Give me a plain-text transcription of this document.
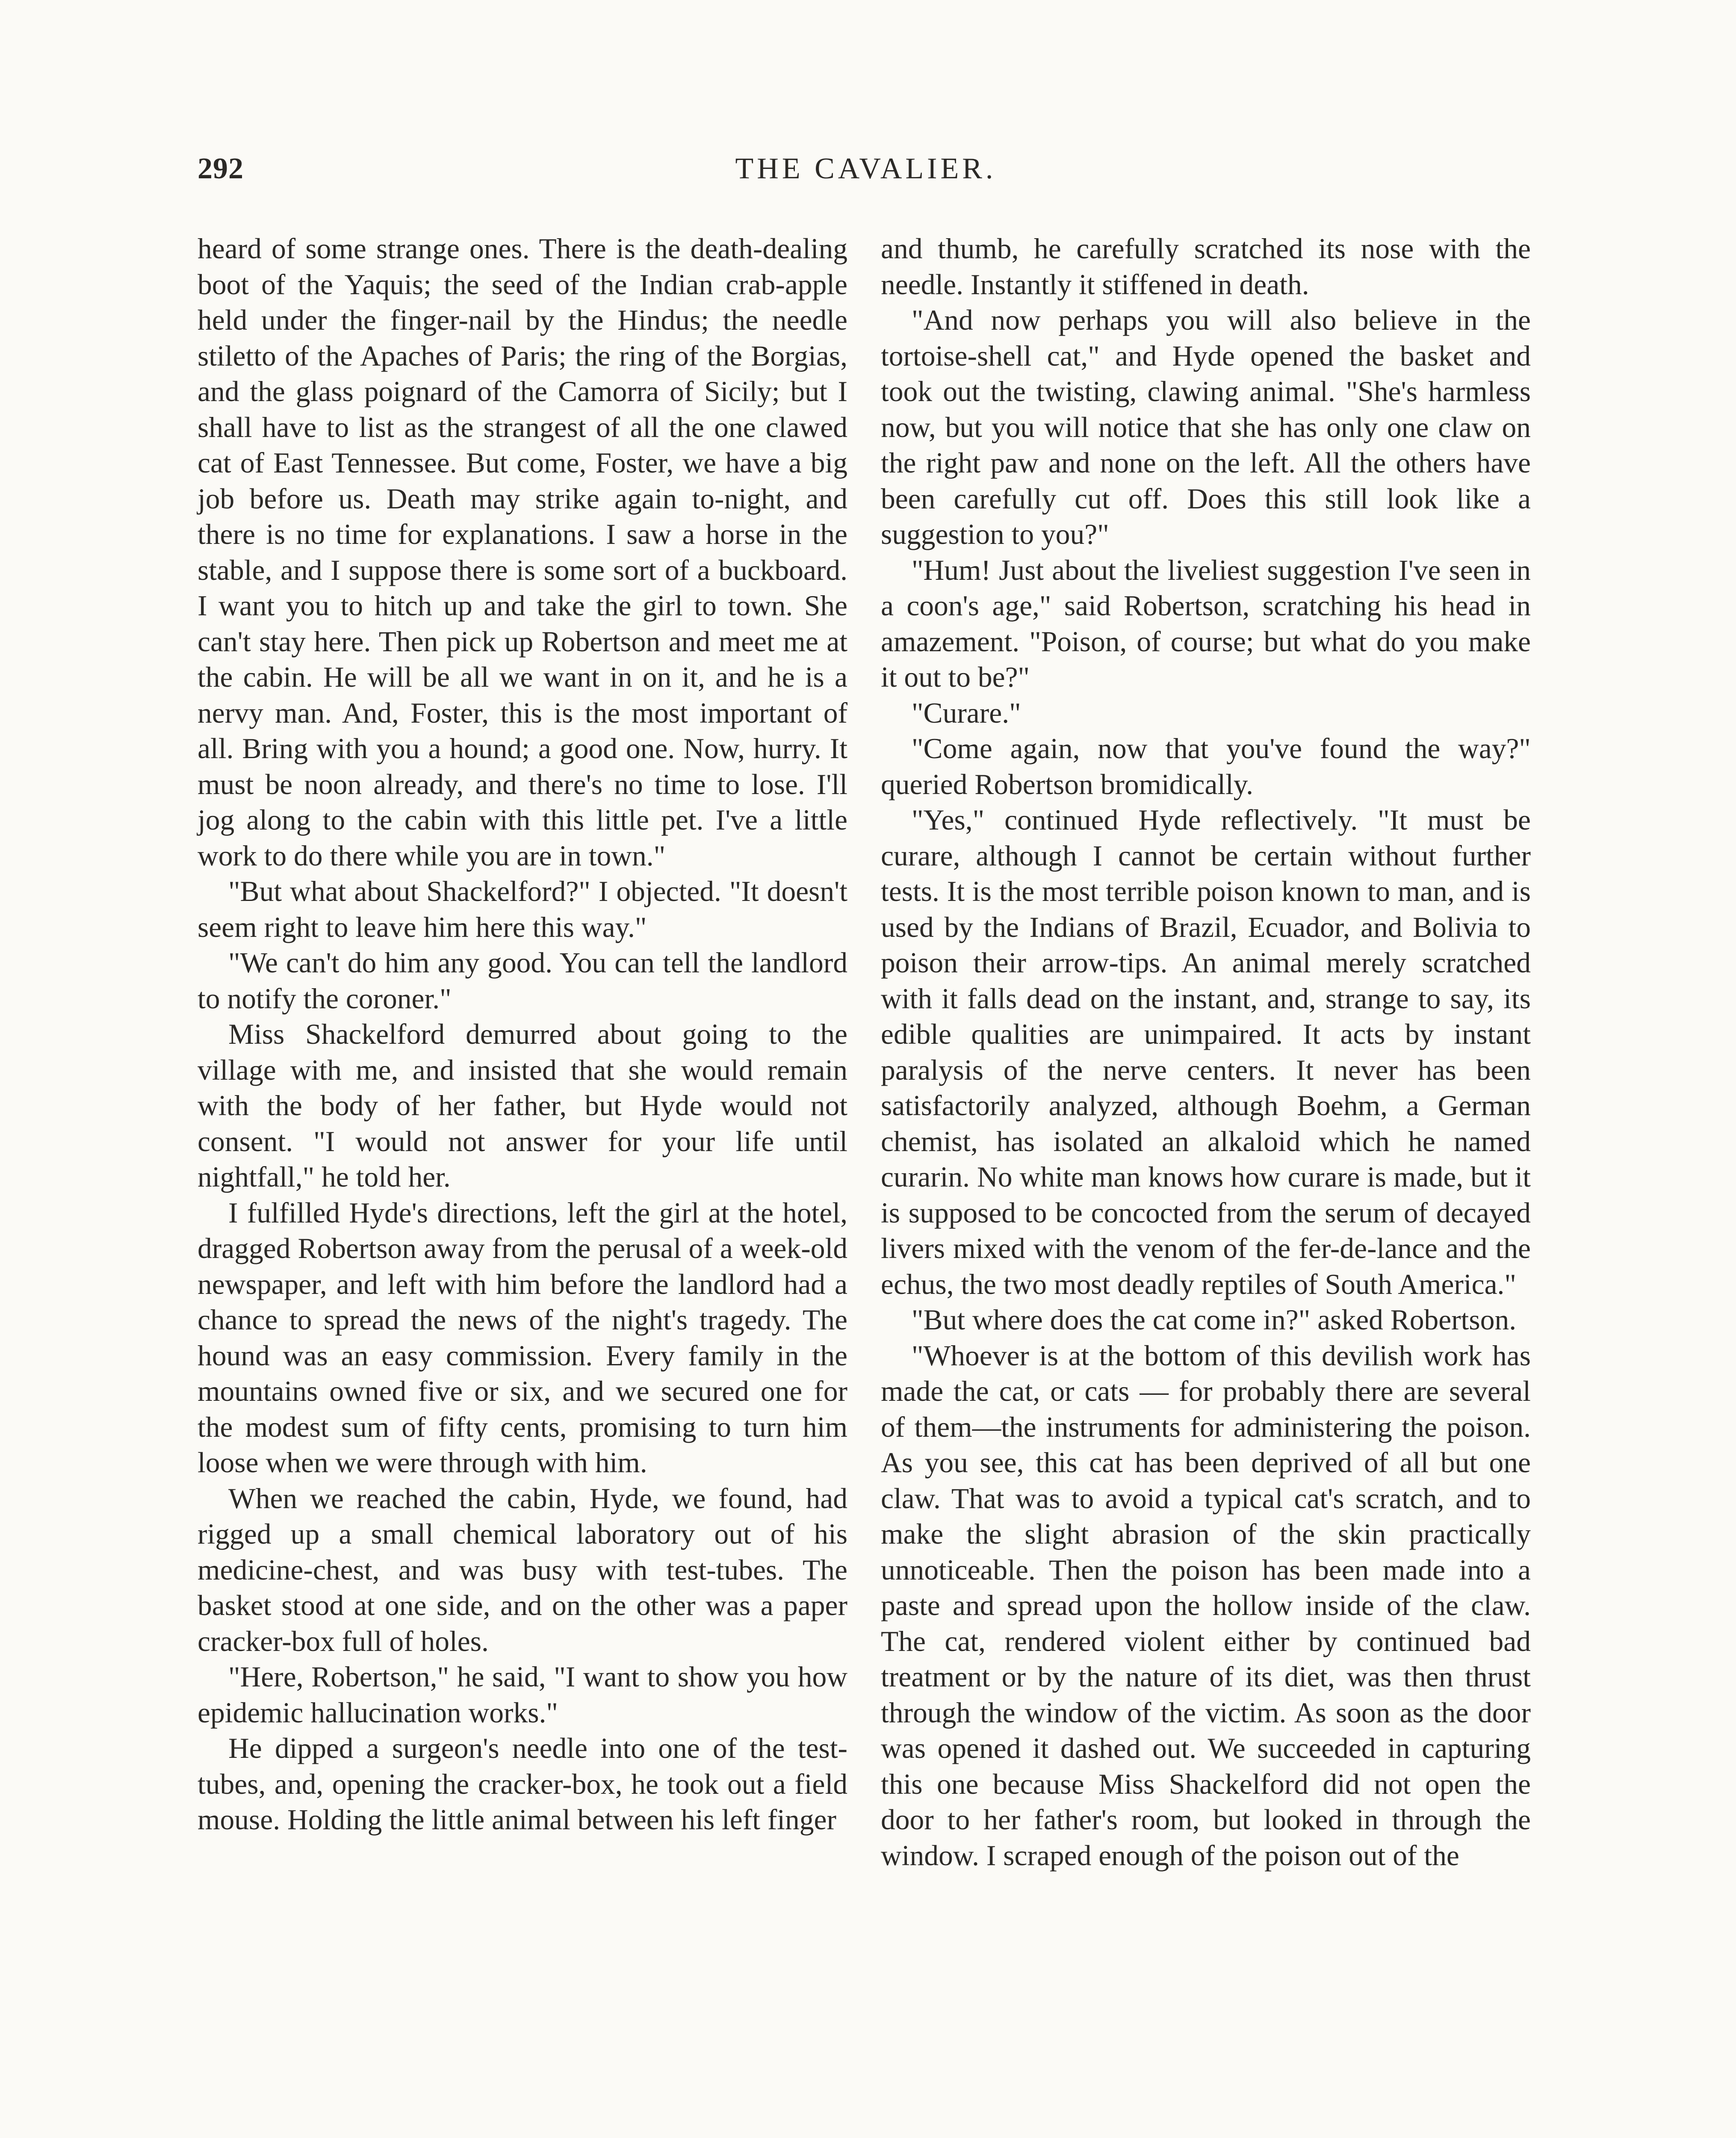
292	THE CAVALIER.

heard of some strange ones. There is the death-dealing boot of the Yaquis; the seed of the Indian crab-apple held under the finger-nail by the Hindus; the needle stiletto of the Apaches of Paris; the ring of the Borgias, and the glass poignard of the Camorra of Sicily; but I shall have to list as the strangest of all the one clawed cat of East Tennessee. But come, Foster, we have a big job before us. Death may strike again to-night, and there is no time for explanations. I saw a horse in the stable, and I suppose there is some sort of a buckboard. I want you to hitch up and take the girl to town. She can't stay here. Then pick up Robertson and meet me at the cabin. He will be all we want in on it, and he is a nervy man. And, Foster, this is the most important of all. Bring with you a hound; a good one. Now, hurry. It must be noon already, and there's no time to lose. I'll jog along to the cabin with this little pet. I've a little work to do there while you are in town."

"But what about Shackelford?" I objected. "It doesn't seem right to leave him here this way."

"We can't do him any good. You can tell the landlord to notify the coroner."

Miss Shackelford demurred about going to the village with me, and insisted that she would remain with the body of her father, but Hyde would not consent. "I would not answer for your life until nightfall," he told her.

I fulfilled Hyde's directions, left the girl at the hotel, dragged Robertson away from the perusal of a week-old newspaper, and left with him before the landlord had a chance to spread the news of the night's tragedy. The hound was an easy commission. Every family in the mountains owned five or six, and we secured one for the modest sum of fifty cents, promising to turn him loose when we were through with him.

When we reached the cabin, Hyde, we found, had rigged up a small chemical laboratory out of his medicine-chest, and was busy with test-tubes. The basket stood at one side, and on the other was a paper cracker-box full of holes.

"Here, Robertson," he said, "I want to show you how epidemic hallucination works."

He dipped a surgeon's needle into one of the test-tubes, and, opening the cracker-box, he took out a field mouse. Holding the little animal between his left finger

and thumb, he carefully scratched its nose with the needle. Instantly it stiffened in death.

"And now perhaps you will also believe in the tortoise-shell cat," and Hyde opened the basket and took out the twisting, clawing animal. "She's harmless now, but you will notice that she has only one claw on the right paw and none on the left. All the others have been carefully cut off. Does this still look like a suggestion to you?"

"Hum! Just about the liveliest suggestion I've seen in a coon's age," said Robertson, scratching his head in amazement. "Poison, of course; but what do you make it out to be?"

"Curare."

"Come again, now that you've found the way?" queried Robertson bromidically.

"Yes," continued Hyde reflectively. "It must be curare, although I cannot be certain without further tests. It is the most terrible poison known to man, and is used by the Indians of Brazil, Ecuador, and Bolivia to poison their arrow-tips. An animal merely scratched with it falls dead on the instant, and, strange to say, its edible qualities are unimpaired. It acts by instant paralysis of the nerve centers. It never has been satisfactorily analyzed, although Boehm, a German chemist, has isolated an alkaloid which he named curarin. No white man knows how curare is made, but it is supposed to be concocted from the serum of decayed livers mixed with the venom of the fer-de-lance and the echus, the two most deadly reptiles of South America."

"But where does the cat come in?" asked Robertson.

"Whoever is at the bottom of this devilish work has made the cat, or cats — for probably there are several of them—the instruments for administering the poison. As you see, this cat has been deprived of all but one claw. That was to avoid a typical cat's scratch, and to make the slight abrasion of the skin practically unnoticeable. Then the poison has been made into a paste and spread upon the hollow inside of the claw. The cat, rendered violent either by continued bad treatment or by the nature of its diet, was then thrust through the window of the victim. As soon as the door was opened it dashed out. We succeeded in capturing this one because Miss Shackelford did not open the door to her father's room, but looked in through the window. I scraped enough of the poison out of the
